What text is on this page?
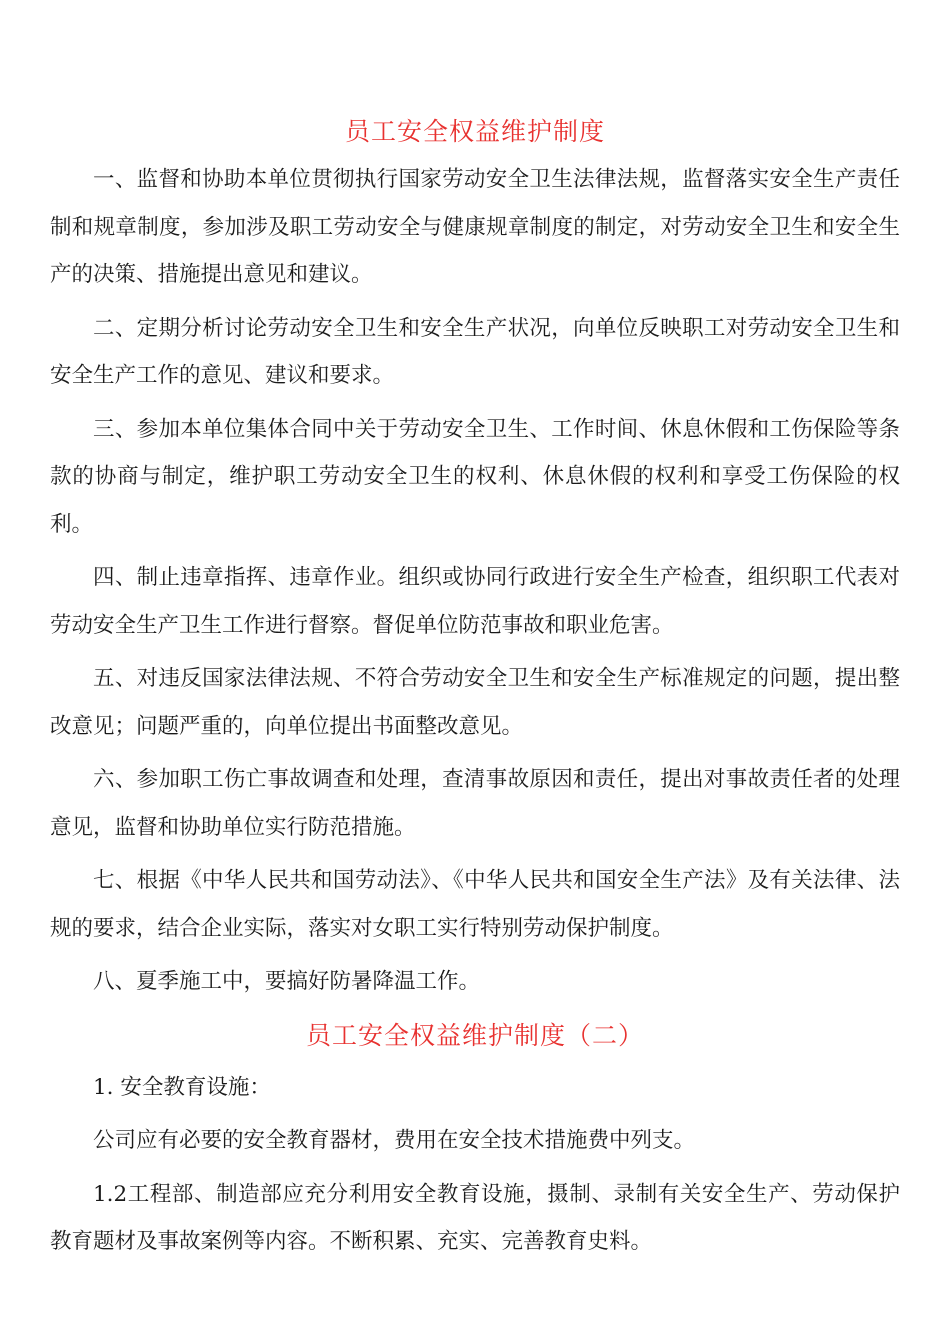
员工安全权益维护制度

一、监督和协助本单位贯彻执行国家劳动安全卫生法律法规，监督落实安全生产责任制和规章制度，参加涉及职工劳动安全与健康规章制度的制定，对劳动安全卫生和安全生产的决策、措施提出意见和建议。

二、定期分析讨论劳动安全卫生和安全生产状况，向单位反映职工对劳动安全卫生和安全生产工作的意见、建议和要求。

三、参加本单位集体合同中关于劳动安全卫生、工作时间、休息休假和工伤保险等条款的协商与制定，维护职工劳动安全卫生的权利、休息休假的权利和享受工伤保险的权利。

四、制止违章指挥、违章作业。组织或协同行政进行安全生产检查，组织职工代表对劳动安全生产卫生工作进行督察。督促单位防范事故和职业危害。

五、对违反国家法律法规、不符合劳动安全卫生和安全生产标准规定的问题，提出整改意见；问题严重的，向单位提出书面整改意见。

六、参加职工伤亡事故调查和处理，查清事故原因和责任，提出对事故责任者的处理意见，监督和协助单位实行防范措施。

七、根据《中华人民共和国劳动法》、《中华人民共和国安全生产法》及有关法律、法规的要求，结合企业实际，落实对女职工实行特别劳动保护制度。

八、夏季施工中，要搞好防暑降温工作。

员工安全权益维护制度（二）

1. 安全教育设施：

公司应有必要的安全教育器材，费用在安全技术措施费中列支。

1.2工程部、制造部应充分利用安全教育设施，摄制、录制有关安全生产、劳动保护教育题材及事故案例等内容。不断积累、充实、完善教育史料。
